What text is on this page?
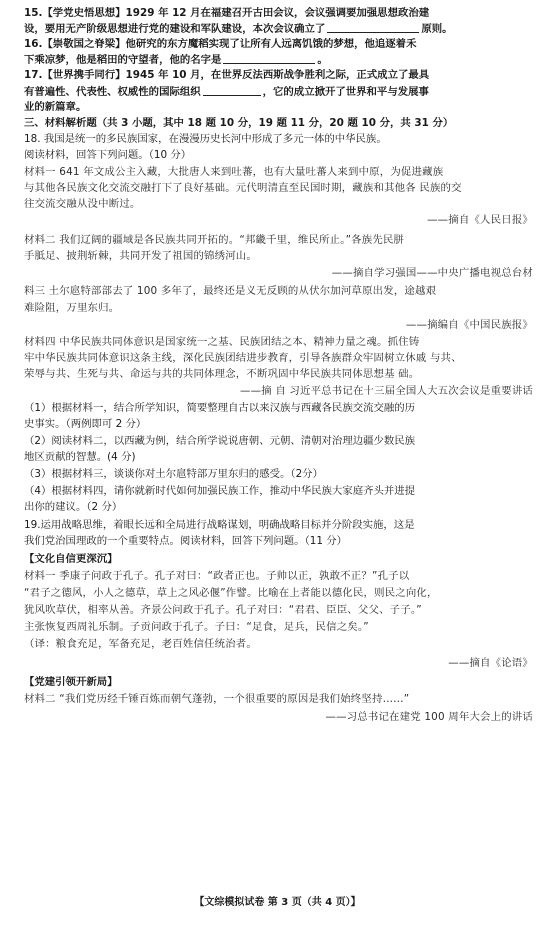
15.【学党史悟思想】1929 年 12 月在福建召开古田会议，会议强调要加强思想政治建
设，要用无产阶级思想进行党的建设和军队建设，本次会议确立了	原则。
16.【崇敬国之脊梁】他研究的东方魔稻实现了让所有人远离饥饿的梦想，他追逐着禾
下乘凉梦，他是稻田的守望者，他的名字是	。
17.【世界携手同行】1945 年 10 月，在世界反法西斯战争胜利之际，正式成立了最具
有普遍性、代表性、权威性的国际组织	，它的成立掀开了世界和平与发展事
业的新篇章。
三、材料解析题（共 3 小题，其中 18 题 10 分，19 题 11 分，20 题 10 分，共 31 分）
18. 我国是统一的多民族国家，在漫漫历史长河中形成了多元一体的中华民族。
阅读材料，回答下列问题。（10 分）
材料一 641 年文成公主入藏，大批唐人来到吐蕃，也有大量吐蕃人来到中原，为促进藏族
与其他各民族文化交流交融打下了良好基础。元代明清直至民国时期，藏族和其他各 民族的交
往交流交融从没中断过。
——摘自《人民日报》
材料二 我们辽阔的疆域是各民族共同开拓的。“邦畿千里，维民所止。”各族先民胼
手胝足、披荆斩棘，共同开发了祖国的锦绣河山。
——摘自学习强国——中央广播电视总台材
料三 土尔扈特部部去了 100 多年了，最终还是义无反顾的从伏尔加河草原出发，途越艰
难险阻，万里东归。
——摘编自《中国民族报》
材料四 中华民族共同体意识是国家统一之基、民族团结之本、精神力量之魂。抓住铸
牢中华民族共同体意识这条主线，深化民族团结进步教育，引导各族群众牢固树立休戚 与共、
荣辱与共、生死与共、命运与共的共同体理念，不断巩固中华民族共同体思想基 础。
——摘 自 习近平总书记在十三届全国人大五次会议是重要讲话
（1）根据材料一，结合所学知识，简要整理自古以来汉族与西藏各民族交流交融的历
史事实。（两例即可 2 分）
（2）阅读材料二，以西藏为例，结合所学说说唐朝、元朝、清朝对治理边疆少数民族
地区贡献的智慧。(4 分)
（3）根据材料三，谈谈你对土尔扈特部万里东归的感受。（2分）
（4）根据材料四，请你就新时代如何加强民族工作，推动中华民族大家庭齐头并进提
出你的建议。（2 分）
19.运用战略思维，着眼长远和全局进行战略谋划，明确战略目标并分阶段实施，这是
我们党治国理政的一个重要特点。阅读材料，回答下列问题。（11 分）
【文化自信更深沉】
材料一 季康子问政于孔子。孔子对曰：“政者正也。子帅以正，孰敢不正？”孔子以
“君子之德风，小人之德草，草上之风必偃”作譬。比喻在上者能以德化民，则民之向化，
犹风吹草伏，相率从善。齐景公问政于孔子。孔子对曰：“君君、臣臣、父父、子子。”
主张恢复西周礼乐制。子贡问政于孔子。子曰：“足食，足兵，民信之矣。”
（译：粮食充足，军备充足，老百姓信任统治者。
——摘自《论语》
【党建引领开新局】
材料二 “我们党历经千锤百炼而朝气蓬勃，一个很重要的原因是我们始终坚持……”
——习总书记在建党 100 周年大会上的讲话
【文综模拟试卷 第 3 页（共 4 页）】
